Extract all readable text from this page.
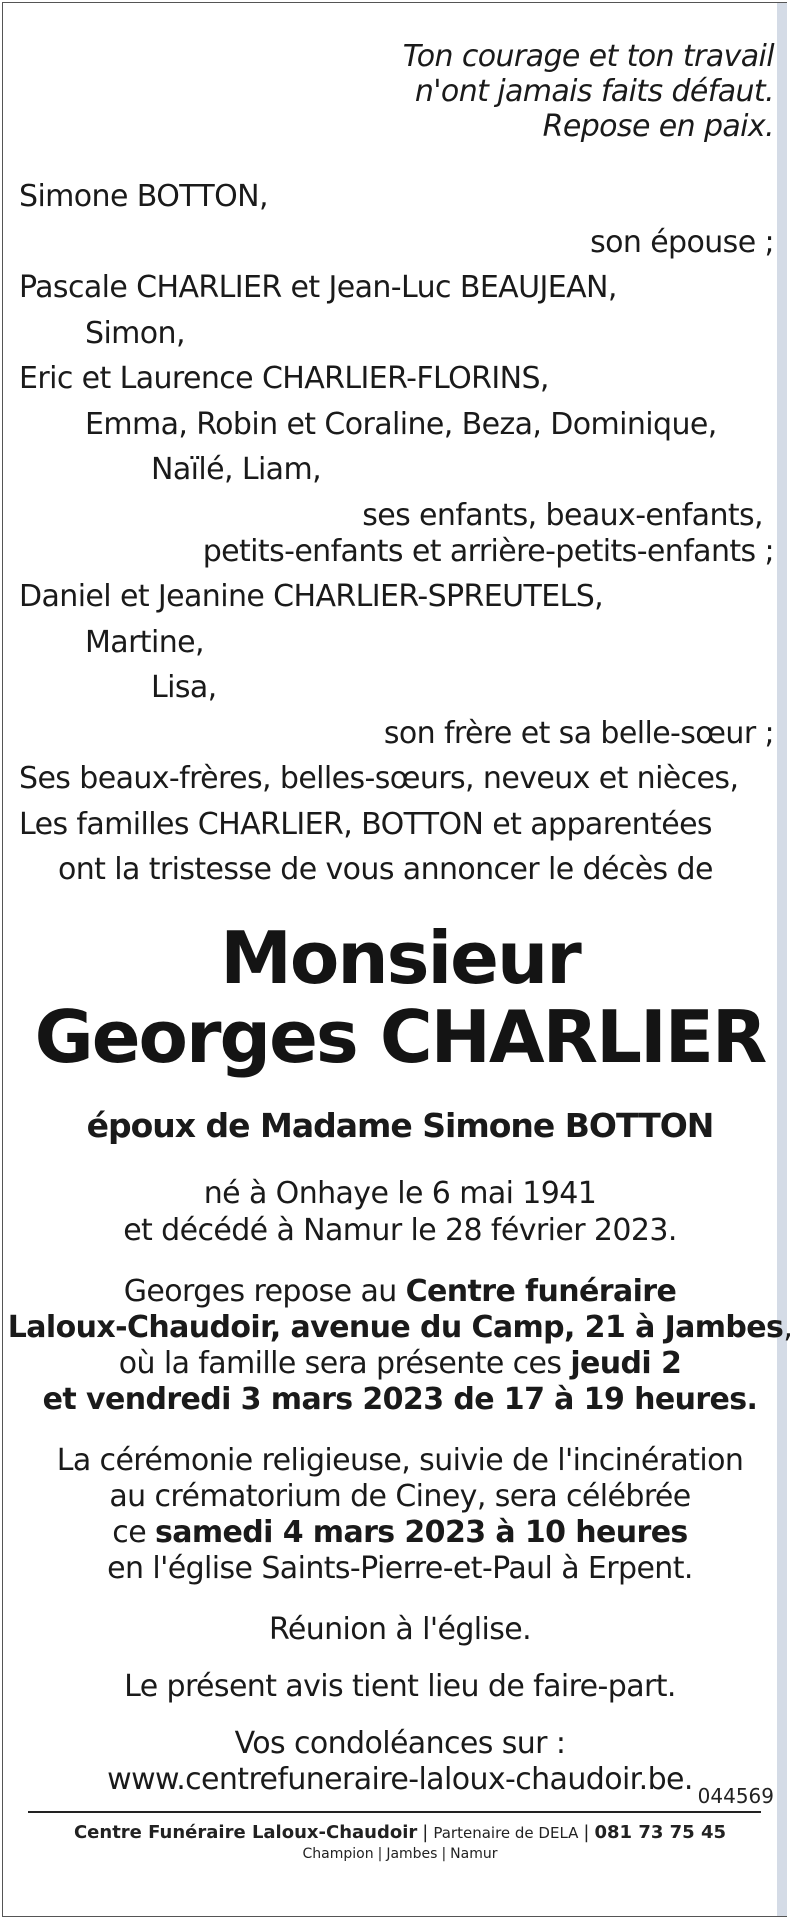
Ton courage et ton travail
n'ont jamais faits défaut.
Repose en paix.
Simone BOTTON,
son épouse ;
Pascale CHARLIER et Jean-Luc BEAUJEAN,
Simon,
Eric et Laurence CHARLIER-FLORINS,
Emma, Robin et Coraline, Beza, Dominique,
Naïlé, Liam,
ses enfants, beaux-enfants,
petits-enfants et arrière-petits-enfants ;
Daniel et Jeanine CHARLIER-SPREUTELS,
Martine,
Lisa,
son frère et sa belle-sœur ;
Ses beaux-frères, belles-sœurs, neveux et nièces,
Les familles CHARLIER, BOTTON et apparentées
ont la tristesse de vous annoncer le décès de
Monsieur
Georges CHARLIER
époux de Madame Simone BOTTON
né à Onhaye le 6 mai 1941
et décédé à Namur le 28 février 2023.
Georges repose au Centre funéraire
Laloux-Chaudoir, avenue du Camp, 21 à Jambes,
où la famille sera présente ces jeudi 2
et vendredi 3 mars 2023 de 17 à 19 heures.
La cérémonie religieuse, suivie de l'incinération
au crématorium de Ciney, sera célébrée
ce samedi 4 mars 2023 à 10 heures
en l'église Saints-Pierre-et-Paul à Erpent.
Réunion à l'église.
Le présent avis tient lieu de faire-part.
Vos condoléances sur :
www.centrefuneraire-laloux-chaudoir.be. 044569
Centre Funéraire Laloux-Chaudoir | Partenaire de DELA | 081 73 75 45
Champion | Jambes | Namur
